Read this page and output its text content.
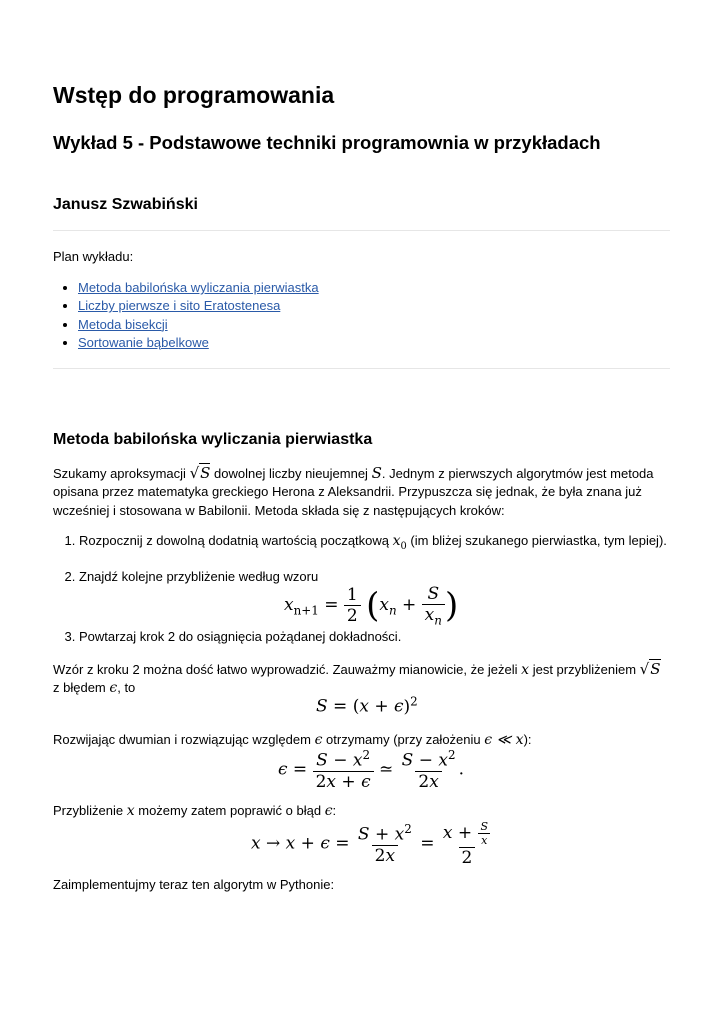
Wstęp do programowania
Wykład 5 - Podstawowe techniki programownia w przykładach
Janusz Szwabiński
Plan wykładu:
• Metoda babilońska wyliczania pierwiastka
• Liczby pierwsze i sito Eratostenesa
• Metoda bisekcji
• Sortowanie bąbelkowe
Metoda babilońska wyliczania pierwiastka
Szukamy aproksymacji √S dowolnej liczby nieujemnej S. Jednym z pierwszych algorytmów jest metoda opisana przez matematyka greckiego Herona z Aleksandrii. Przypuszcza się jednak, że była znana już wcześniej i stosowana w Babilonii. Metoda składa się z następujących kroków:
1. Rozpocznij z dowolną dodatnią wartością początkową $x_0$ (im bliżej szukanego pierwiastka, tym lepiej).
2. Znajdź kolejne przybliżenie według wzoru
3. Powtarzaj krok 2 do osiągnięcia pożądanej dokładności.
$x_{n+1} = \frac{1}{2} (x_n + \frac{S}{x_n}$ )
Wzór z kroku 2 można dość łatwo wyprowadzić. Zauważmy mianowicie, że jeżeli x jest przybliżeniem √S z błędem ϵ, to
$S = (x + \epsilon)^2$
Rozwijając dwumian i rozwiązując względem ϵ otrzymamy (przy założeniu ϵ ≪ x):
$\epsilon = \frac{S - x^2}{2x + \epsilon}$ ≃ $\frac{S - x^2}{2x}$ .
Przybliżenie x możemy zatem poprawić o błąd ϵ:
$x \to x + \epsilon = \frac{S + x^2}{2x} = \frac{x + \frac{S}{x}}{2}$
Zaimplementujmy teraz ten algorytm w Pythonie:
